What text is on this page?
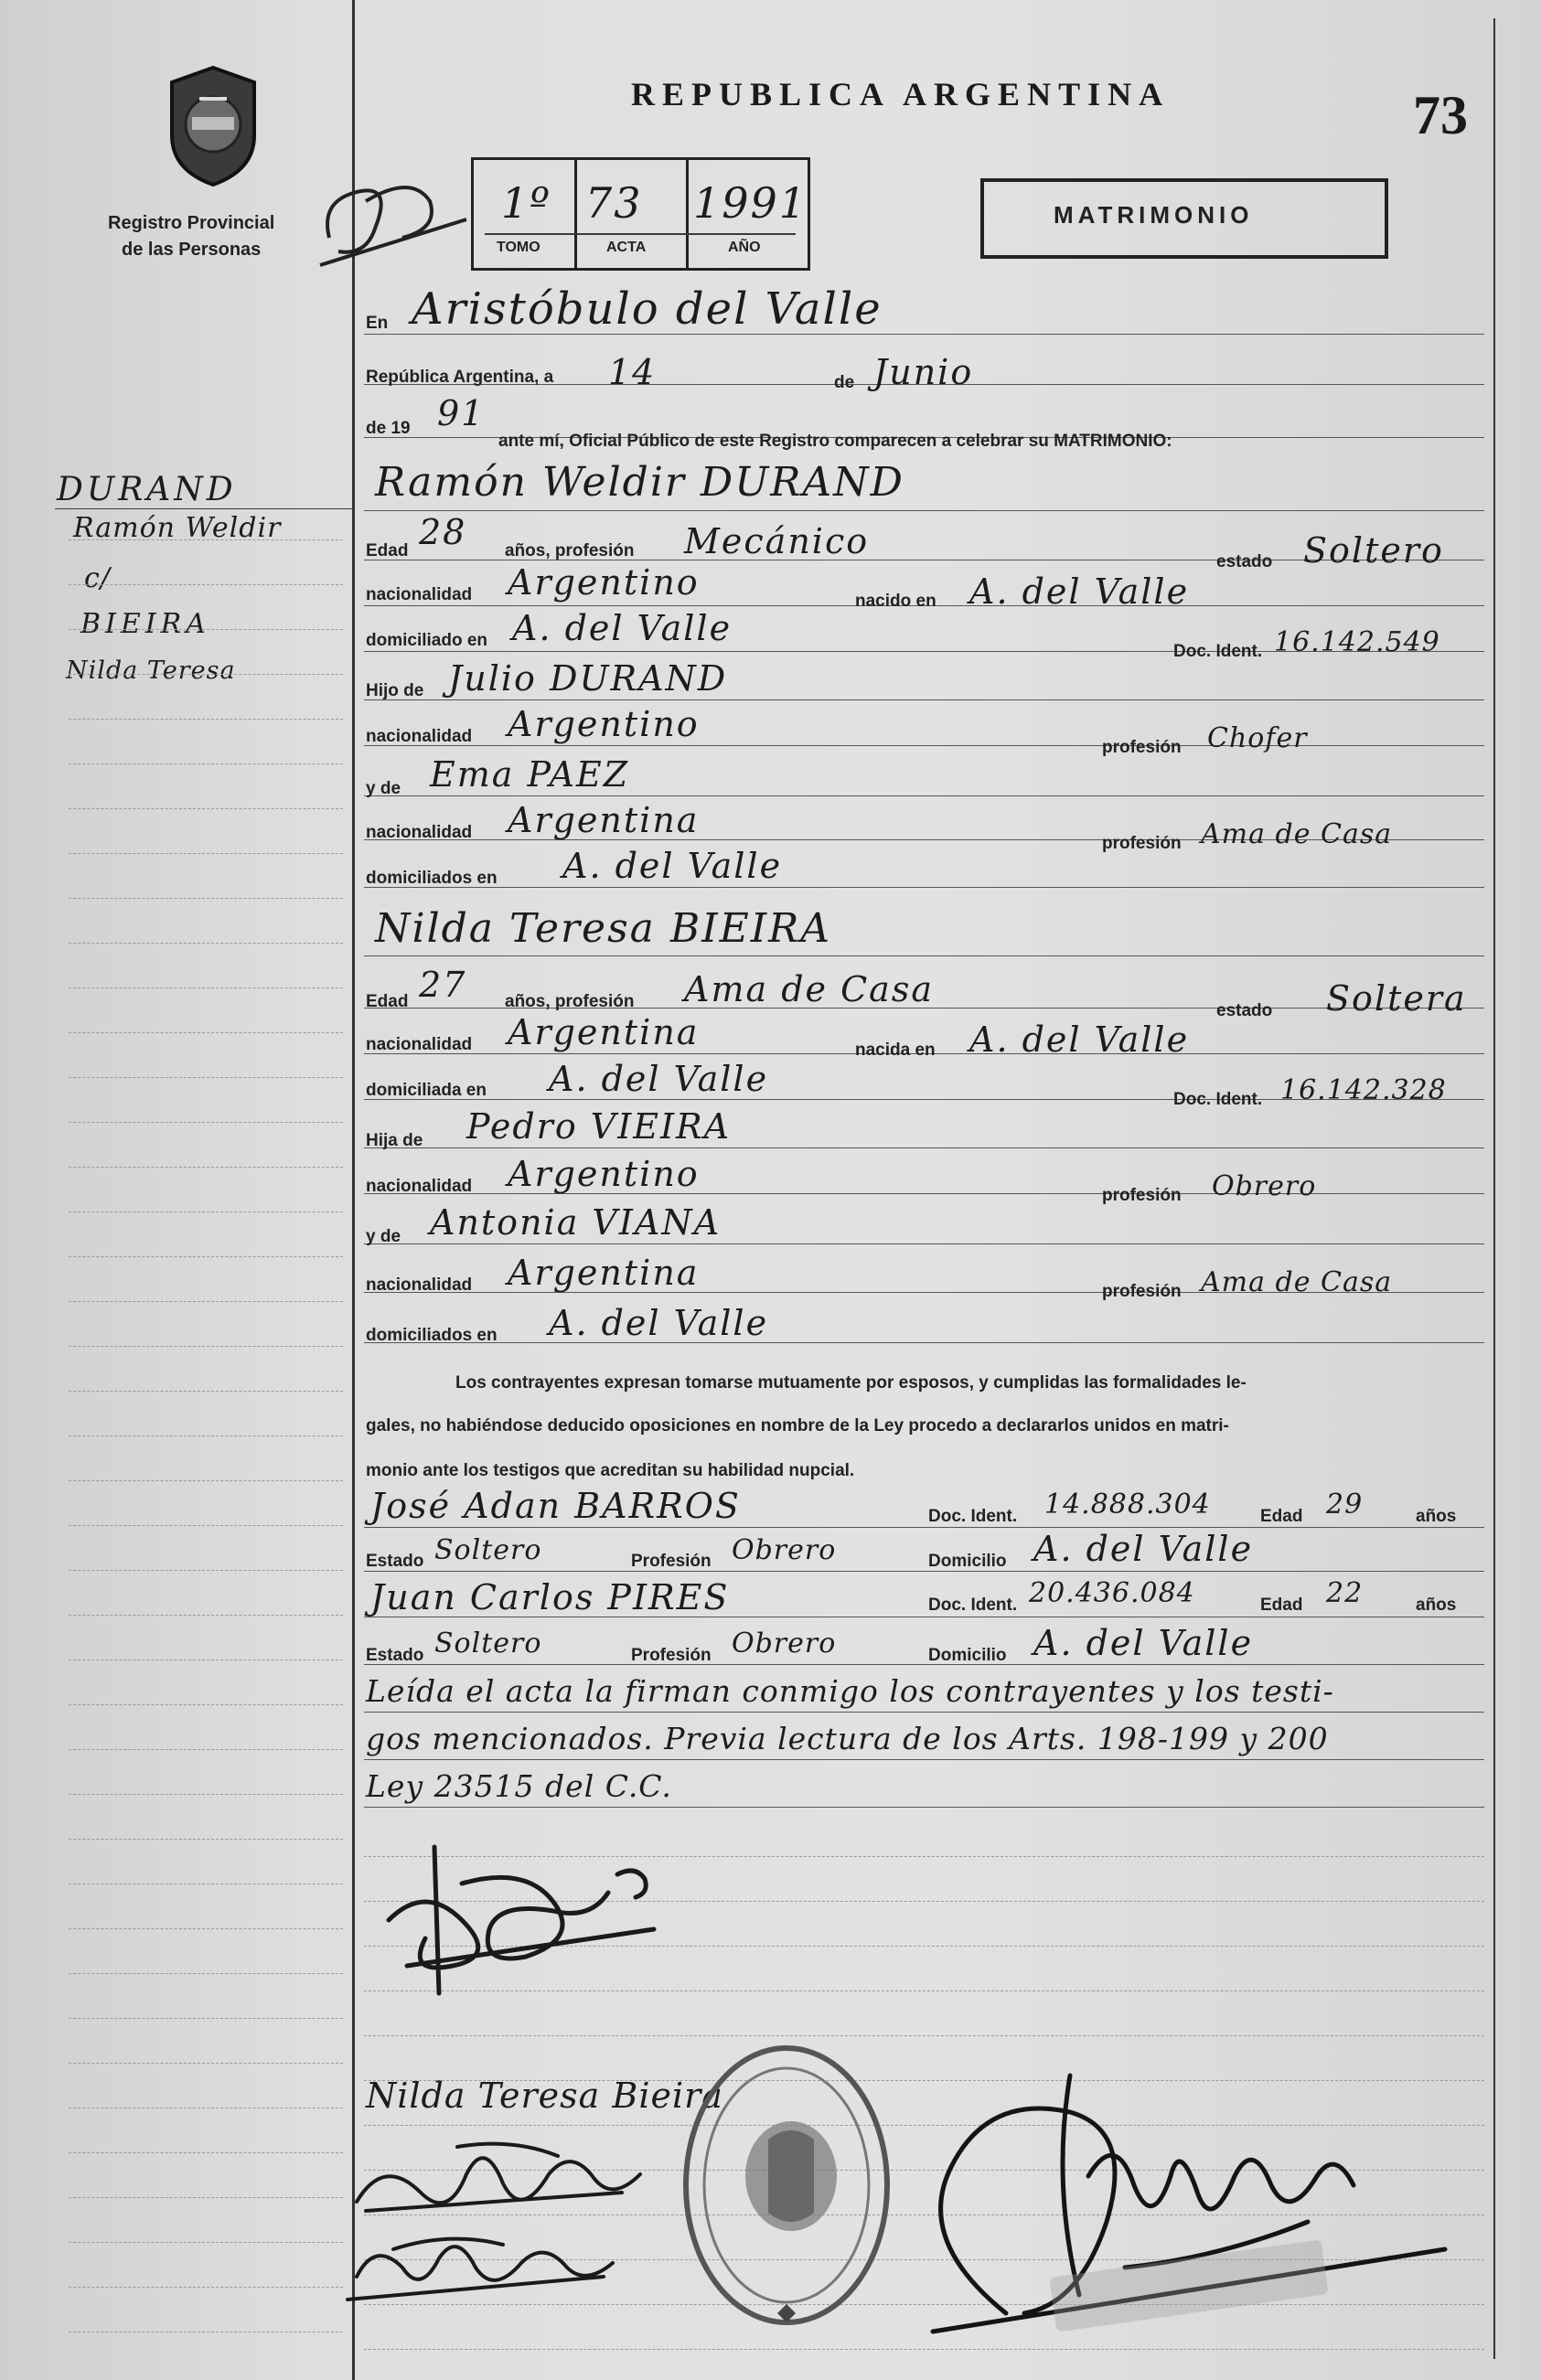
Registro Provincial
de las Personas
REPUBLICA ARGENTINA	73
1º 73 1991
TOMO	ACTA	AÑO
MATRIMONIO
DURAND
Ramón Weldir
c/
BIEIRA
Nilda Teresa
En Aristóbulo del Valle
República Argentina, a 14	de Junio
de 19 91
ante mí, Oficial Público de este Registro comparecen a celebrar su MATRIMONIO:
Ramón Weldir DURAND
Edad 28 años, profesión Mecánico
estado Soltero
nacionalidad Argentino	nacido en A. del Valle
domiciliado en A. del Valle
Doc. Ident. 16.142.549
Hijo de Julio DURAND
nacionalidad Argentino
profesión Chofer
y de Ema PAEZ
nacionalidad Argentina
profesión Ama de Casa
domiciliados en A. del Valle
Nilda Teresa BIEIRA
Edad 27 años, profesión Ama de Casa
estado Soltera
nacionalidad Argentina	nacida en A. del Valle
domiciliada en A. del Valle
Doc. Ident. 16.142.328
Hija de Pedro VIEIRA
nacionalidad Argentino
profesión Obrero
y de Antonia VIANA
nacionalidad Argentina	profesión Ama de Casa
domiciliados en A. del Valle
Los contrayentes expresan tomarse mutuamente por esposos, y cumplidas las formalidades le-
gales, no habiéndose deducido oposiciones en nombre de la Ley procedo a declararlos unidos en matri-
monio ante los testigos que acreditan su habilidad nupcial.
José Adan BARROS	Doc. Ident. 14.888.304	Edad 29	años
Estado Soltero	Profesión Obrero	Domicilio A. del Valle
Juan Carlos PIRES	Doc. Ident. 20.436.084	Edad 22	años
Estado Soltero	Profesión Obrero	Domicilio A. del Valle
Leída el acta la firman conmigo los contrayentes y los testi-
gos mencionados. Previa lectura de los Arts. 198-199 y 200
Ley 23515 del C.C.
Nilda Teresa Bieira
